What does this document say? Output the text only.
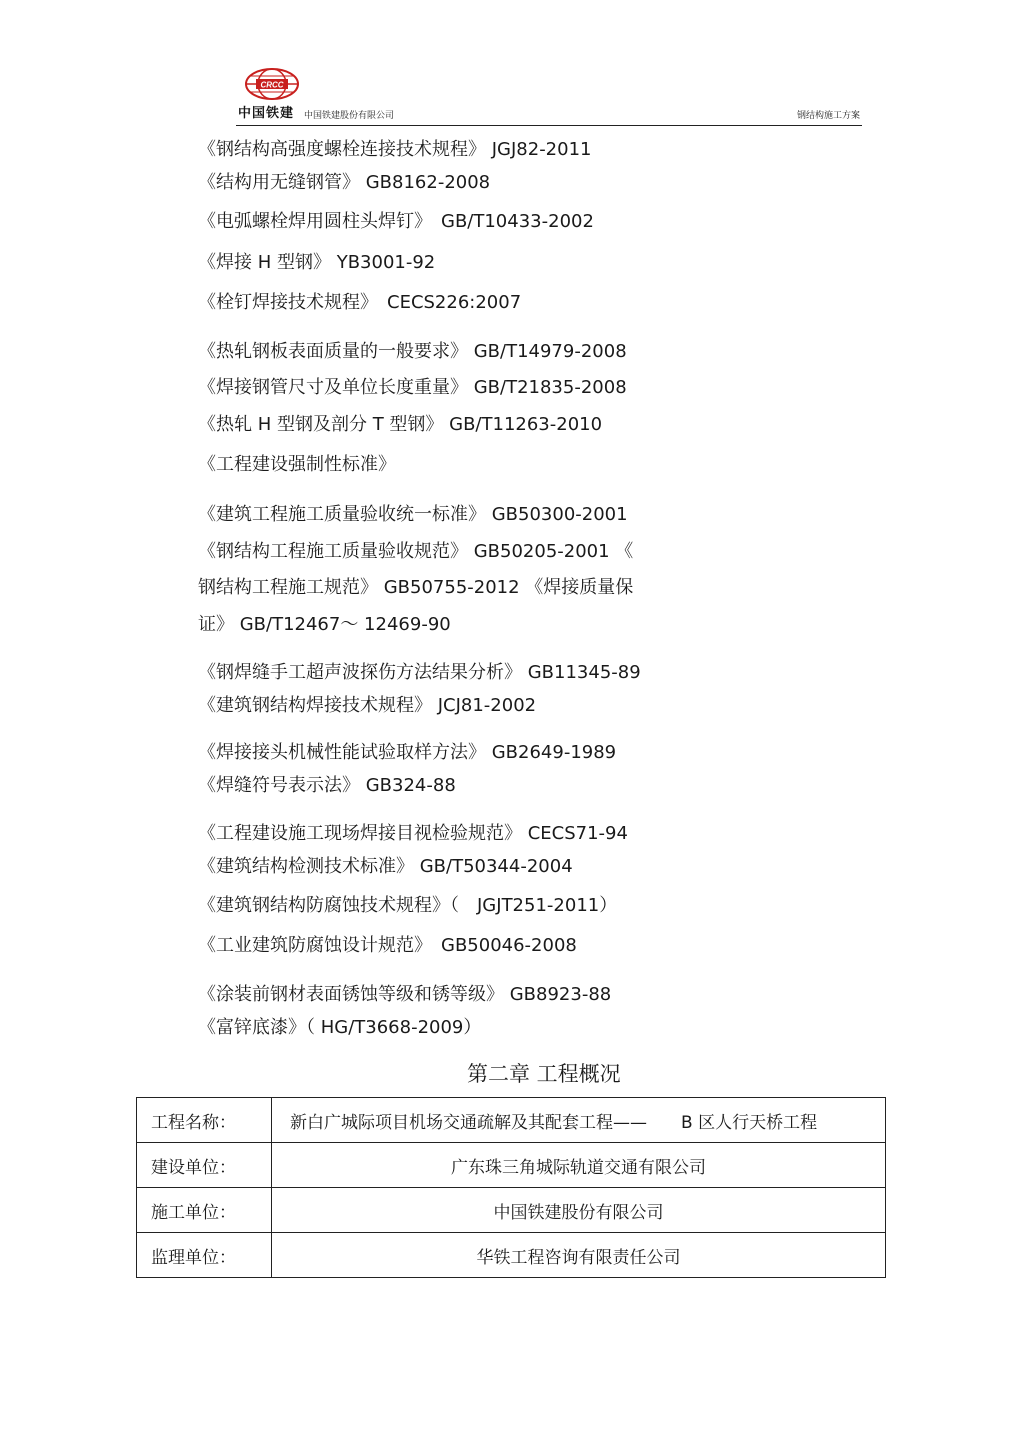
CRCC
中国铁建 中国铁建股份有限公司	钢结构施工方案
《钢结构高强度螺栓连接技术规程》 JGJ82-2011
《结构用无缝钢管》 GB8162-2008
《电弧螺栓焊用圆柱头焊钉》　GB/T10433-2002
《焊接 H 型钢》 YB3001-92
《栓钉焊接技术规程》　CECS226:2007
《热轧钢板表面质量的一般要求》 GB/T14979-2008
《焊接钢管尺寸及单位长度重量》 GB/T21835-2008
《热轧 H 型钢及剖分 T 型钢》 GB/T11263-2010
《工程建设强制性标准》
《建筑工程施工质量验收统一标准》 GB50300-2001
《钢结构工程施工质量验收规范》 GB50205-2001 《
钢结构工程施工规范》 GB50755-2012 《焊接质量保
证》 GB/T12467～ 12469-90
《钢焊缝手工超声波探伤方法结果分析》 GB11345-89
《建筑钢结构焊接技术规程》 JCJ81-2002
《焊接接头机械性能试验取样方法》 GB2649-1989
《焊缝符号表示法》 GB324-88
《工程建设施工现场焊接目视检验规范》 CECS71-94
《建筑结构检测技术标准》 GB/T50344-2004
《建筑钢结构防腐蚀技术规程》（　JGJT251-2011）
《工业建筑防腐蚀设计规范》　GB50046-2008
《涂装前钢材表面锈蚀等级和锈等级》 GB8923-88
《富锌底漆》（ HG/T3668-2009）
第二章 工程概况
工程名称：	新白广城际项目机场交通疏解及其配套工程——　　B 区人行天桥工程
建设单位：	广东珠三角城际轨道交通有限公司
施工单位：	中国铁建股份有限公司
监理单位：	华铁工程咨询有限责任公司
